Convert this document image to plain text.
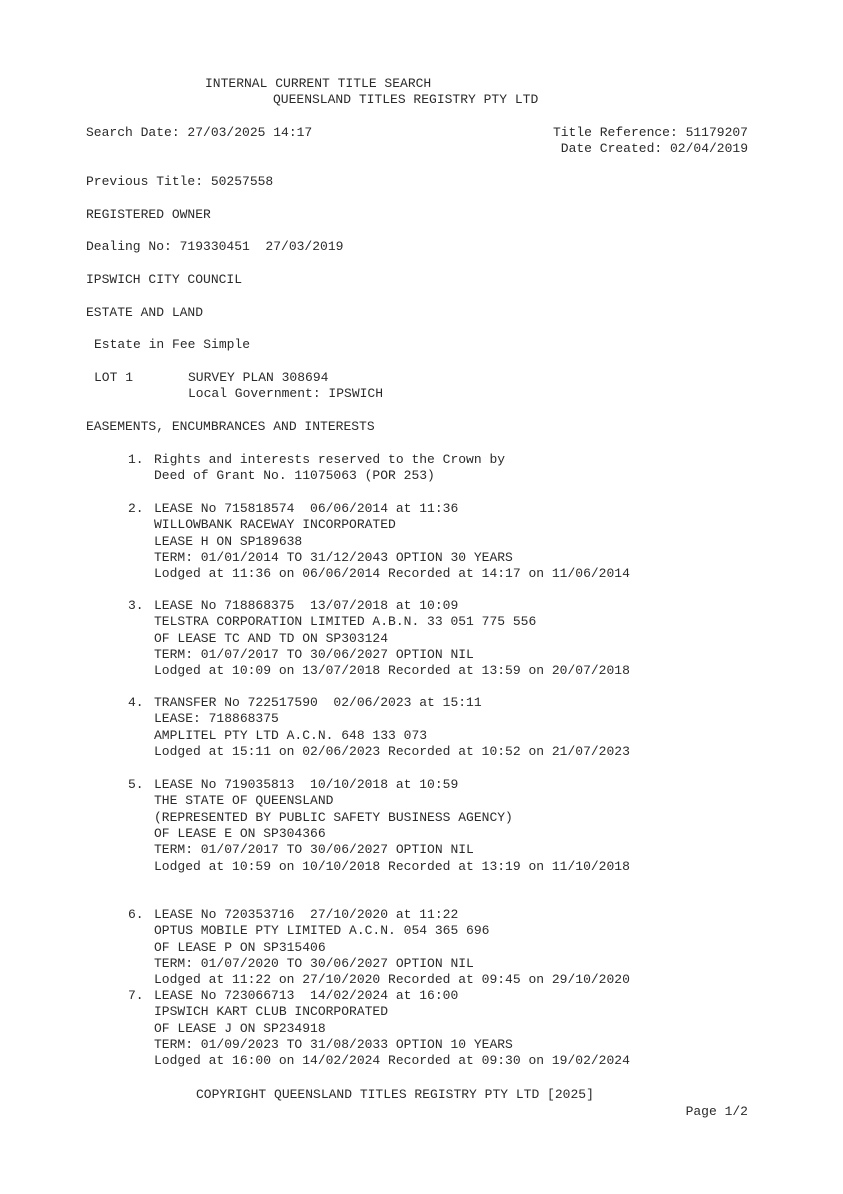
INTERNAL CURRENT TITLE SEARCH
QUEENSLAND TITLES REGISTRY PTY LTD
Search Date: 27/03/2025 14:17	Title Reference: 51179207
Date Created: 02/04/2019
Previous Title: 50257558
REGISTERED OWNER
Dealing No: 719330451  27/03/2019
IPSWICH CITY COUNCIL
ESTATE AND LAND
Estate in Fee Simple
LOT 1	SURVEY PLAN 308694
Local Government: IPSWICH
EASEMENTS, ENCUMBRANCES AND INTERESTS
1. Rights and interests reserved to the Crown by
Deed of Grant No. 11075063 (POR 253)
2. LEASE No 715818574  06/06/2014 at 11:36
WILLOWBANK RACEWAY INCORPORATED
LEASE H ON SP189638
TERM: 01/01/2014 TO 31/12/2043 OPTION 30 YEARS
Lodged at 11:36 on 06/06/2014 Recorded at 14:17 on 11/06/2014
3. LEASE No 718868375  13/07/2018 at 10:09
TELSTRA CORPORATION LIMITED A.B.N. 33 051 775 556
OF LEASE TC AND TD ON SP303124
TERM: 01/07/2017 TO 30/06/2027 OPTION NIL
Lodged at 10:09 on 13/07/2018 Recorded at 13:59 on 20/07/2018
4. TRANSFER No 722517590  02/06/2023 at 15:11
LEASE: 718868375
AMPLITEL PTY LTD A.C.N. 648 133 073
Lodged at 15:11 on 02/06/2023 Recorded at 10:52 on 21/07/2023
5. LEASE No 719035813  10/10/2018 at 10:59
THE STATE OF QUEENSLAND
(REPRESENTED BY PUBLIC SAFETY BUSINESS AGENCY)
OF LEASE E ON SP304366
TERM: 01/07/2017 TO 30/06/2027 OPTION NIL
Lodged at 10:59 on 10/10/2018 Recorded at 13:19 on 11/10/2018
6. LEASE No 720353716  27/10/2020 at 11:22
OPTUS MOBILE PTY LIMITED A.C.N. 054 365 696
OF LEASE P ON SP315406
TERM: 01/07/2020 TO 30/06/2027 OPTION NIL
Lodged at 11:22 on 27/10/2020 Recorded at 09:45 on 29/10/2020
7. LEASE No 723066713  14/02/2024 at 16:00
IPSWICH KART CLUB INCORPORATED
OF LEASE J ON SP234918
TERM: 01/09/2023 TO 31/08/2033 OPTION 10 YEARS
Lodged at 16:00 on 14/02/2024 Recorded at 09:30 on 19/02/2024
COPYRIGHT QUEENSLAND TITLES REGISTRY PTY LTD [2025]
Page 1/2
